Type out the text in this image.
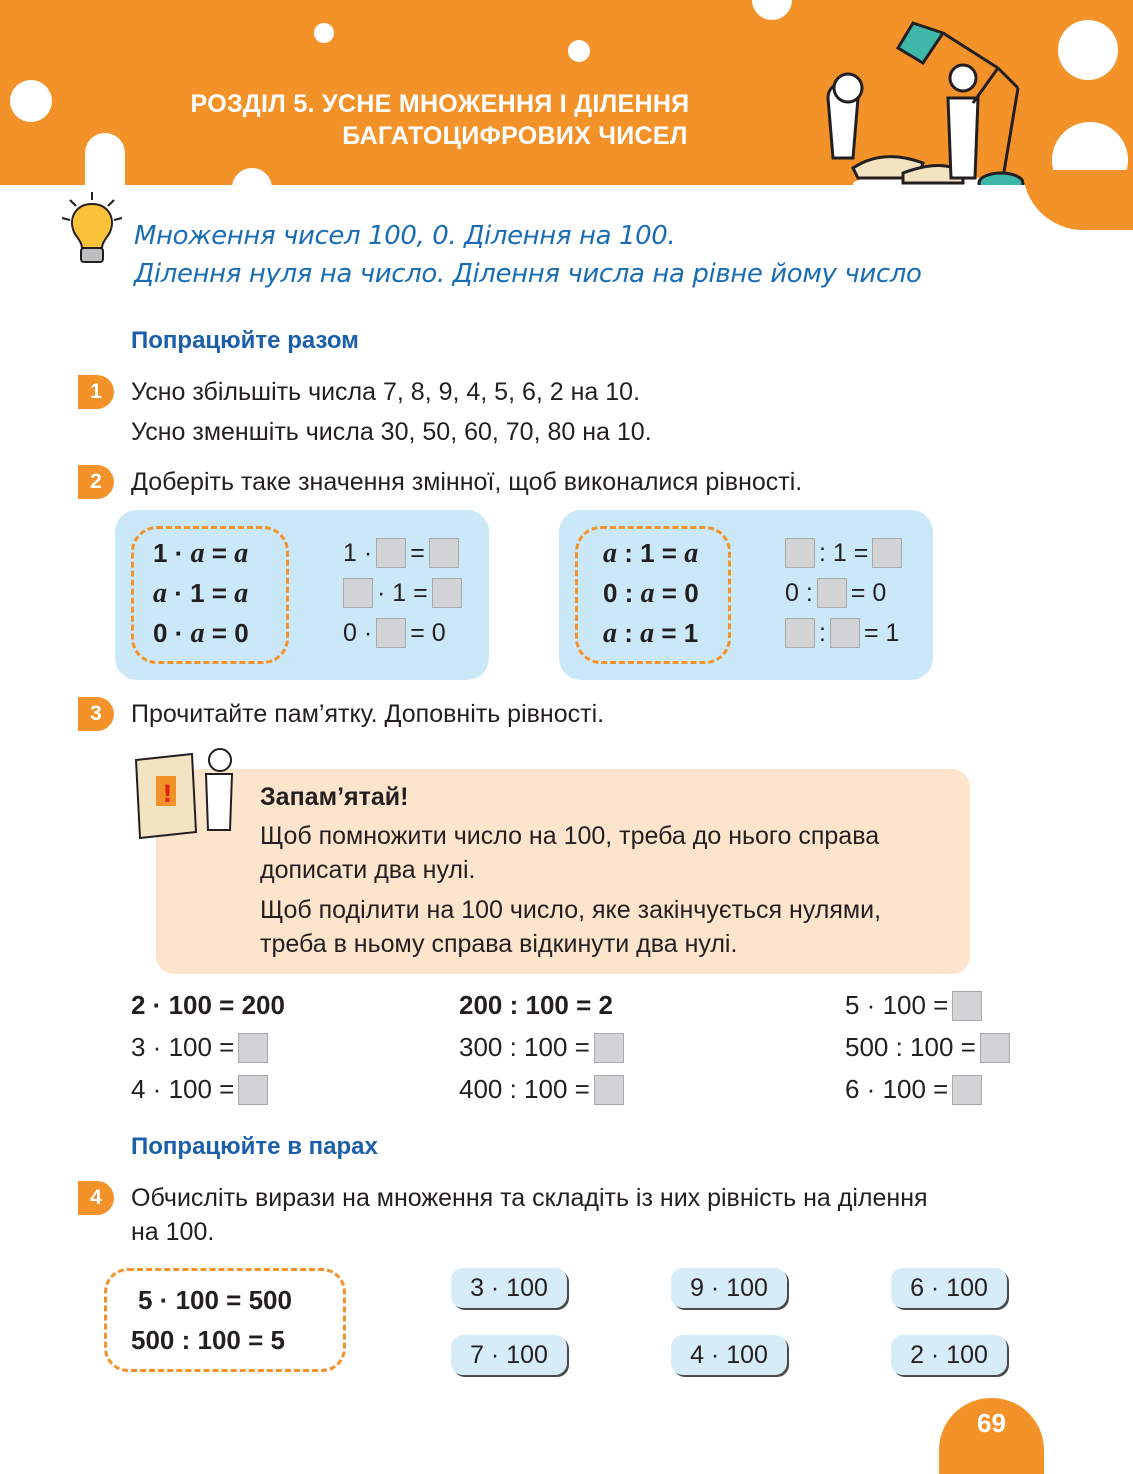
РОЗДІЛ 5. УСНЕ МНОЖЕННЯ І ДІЛЕННЯ
БАГАТОЦИФРОВИХ ЧИСЕЛ
Множення чисел 100, 0. Ділення на 100.
Ділення нуля на число. Ділення числа на рівне йому число
Попрацюйте разом
1	Усно збільшіть числа 7, 8, 9, 4, 5, 6, 2 на 10.
Усно зменшіть числа 30, 50, 60, 70, 80 на 10.
2	Доберіть таке значення змінної, щоб виконалися рівності.
1 · a = a
a · 1 = a
0 · a = 0
1 · =
· 1 =
0 · = 0
a : 1 = a
0 : a = 0
a : a = 1
: 1 =
0 : = 0
: = 1
3	Прочитайте пам’ятку. Доповніть рівності.
Запам’ятай!
Щоб помножити число на 100, треба до нього справа дописати два нулі.
Щоб поділити на 100 число, яке закінчується нулями, треба в ньому справа відкинути два нулі.
!
2 · 100 = 200
3 · 100 =
4 · 100 =
200 : 100 = 2
300 : 100 =
400 : 100 =
5 · 100 =
500 : 100 =
6 · 100 =
Попрацюйте в парах
4	Обчисліть вирази на множення та складіть із них рівність на ділення
на 100.
5 · 100 = 500
500 : 100 = 5
3 · 100	9 · 100	6 · 100
7 · 100	4 · 100	2 · 100
69
